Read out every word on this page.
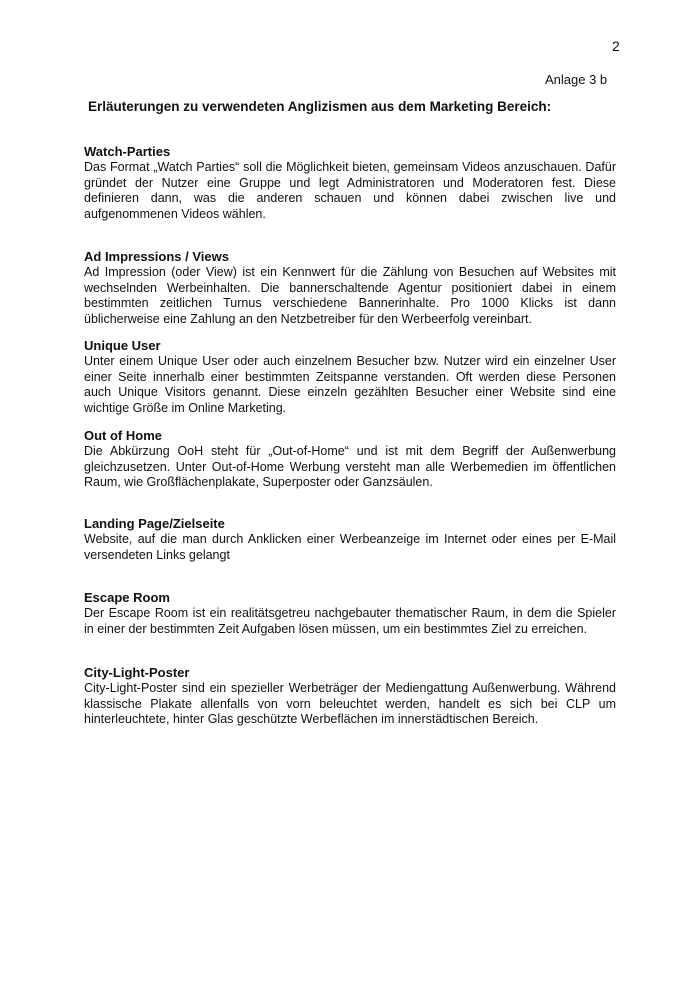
2
Anlage 3 b
Erläuterungen zu verwendeten Anglizismen aus dem Marketing Bereich:
Watch-Parties

Das Format „Watch Parties“ soll die Möglichkeit bieten, gemeinsam Videos anzuschauen. Dafür gründet der Nutzer eine Gruppe und legt Administratoren und Moderatoren fest. Diese definieren dann, was die anderen schauen und können dabei zwischen live und aufgenommenen Videos wählen.

Ad Impressions / Views

Ad Impression (oder View) ist ein Kennwert für die Zählung von Besuchen auf Websites mit wechselnden Werbeinhalten. Die bannerschaltende Agentur positioniert dabei in einem bestimmten zeitlichen Turnus verschiedene Bannerinhalte. Pro 1000 Klicks ist dann üblicherweise eine Zahlung an den Netzbetreiber für den Werbeerfolg vereinbart.

Unique User

Unter einem Unique User oder auch einzelnem Besucher bzw. Nutzer wird ein einzelner User einer Seite innerhalb einer bestimmten Zeitspanne verstanden. Oft werden diese Personen auch Unique Visitors genannt. Diese einzeln gezählten Besucher einer Website sind eine wichtige Größe im Online Marketing.

Out of Home

Die Abkürzung OoH steht für „Out-of-Home“ und ist mit dem Begriff der Außenwerbung gleichzusetzen. Unter Out-of-Home Werbung versteht man alle Werbemedien im öffentlichen Raum, wie Großflächenplakate, Superposter oder Ganzsäulen.

Landing Page/Zielseite

Website, auf die man durch Anklicken einer Werbeanzeige im Internet oder eines per E-Mail versendeten Links gelangt

Escape Room

Der Escape Room ist ein realitätsgetreu nachgebauter thematischer Raum, in dem die Spieler in einer der bestimmten Zeit Aufgaben lösen müssen, um ein bestimmtes Ziel zu erreichen.

City-Light-Poster

City-Light-Poster sind ein spezieller Werbeträger der Mediengattung Außenwerbung. Während klassische Plakate allenfalls von vorn beleuchtet werden, handelt es sich bei CLP um hinterleuchtete, hinter Glas geschützte Werbeflächen im innerstädtischen Bereich.
